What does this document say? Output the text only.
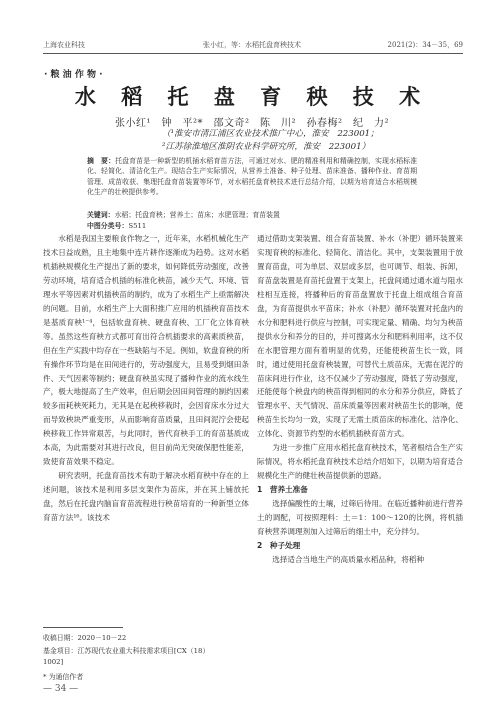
上海农业科技	张小红，等：水稻托盘育秧技术	2021(2)：34－35，69
· 粮 油 作 物 ·
水 稻 托 盘 育 秧 技 术
张小红¹　钟　平²*　邵文奇²　陈　川²　孙春梅²　纪　力²
（¹淮安市清江浦区农业技术推广中心，淮安　223001；
²江苏徐淮地区淮阴农业科学研究所，淮安　223001）
摘　要：托盘育苗是一种新型的机插水稻育苗方法，可通过对水、肥的精准利用和精确控制，实现水稻标准化、轻简化、清洁化生产。现结合生产实际情况，从营养土准备、种子处理、苗床准备、播种作业、育苗期管理、成苗收获、集理托盘育苗装置等环节，对水稻托盘育秧技术进行总结介绍，以期为培育适合水稻规模化生产的壮秧提供参考。
关键词：水稻；托盘育秧；营养土；苗床；水肥管理；育苗装置
中图分类号：S511

水稻是我国主要粮食作物之一，近年来，水稻机械化生产技术日益成熟，且主地集中连片耕作逐渐成为趋势。这对水稻机插秧规模化生产提出了新的要求，如何降低劳动强度，改善劳动环境，培育适合机插的标准化秧苗，减少天气、环境、管理水平等因素对机插秧苗的制约，成为了水稻生产上亟需解决的问题。目前，水稻生产上大面积推广应用的机插秧育苗技术是基质育秧¹⁻⁴，包括软盘育秧、硬盘育秧、工厂化立体育秧等。虽然这些育秧方式都可育出符合机插要求的高素质秧苗，但在生产实践中均存在一些缺陷与不足。例如，软盘育秧的所有操作环节均是在田间进行的，劳动强度大，且易受到烟田条件、天气因素等制约；硬盘育秧虽实现了播种作业的流水线生产，极大地提高了生产效率，但后期会因田间管理的制约因素较多而耗秧死耗力，无其是在起秧移栽时，会因育床水分过大而导致秧块严重变形，从而影响育苗质量，且田间泥泞会使起秧移栽工作异常艰苦，与此同时，皆代育秧手工的育苗基质成本高，为此需要对其进行改良，但目前尚无突破保肥性能差，致使育苗效果不稳定。

研究表明，托盘育苗技术有助于解决水稻育秧中存在的上述问题，该技术是利用多层支架作为苗床，并在其上铺放托盘，然后在托盘内脑盲育苗流程进行秧苗培育的一种新型立体育苗方法¹⁶。该技术

通过借助支架装置、组合育苗装置、补水（补肥）循环装置来实现育秧的标准化、轻简化、清洁化。其中，支架装置用于放置育苗盘，可为单层、双层或多层，也可调节、组装、拆卸，育苗盘装置是育苗托盘置于支架上，托盘间通过通水道与阻水柱相互连接，将播种后的育苗盘置放于托盘上组成组合育苗盘，为育苗提供水平苗床；补水（补肥）循环装置对托盘内的水分和肥料进行供应与控制，可实现定量、精确、均匀为秧苗提供水分和养分的目的，并可搜离水分和肥料利用率，这不仅在水肥管理方面有着明显的优势，还能使秧苗生长一致，同时，通过使用托盘育秧装置，可替代土质苗床，无需在泥泞的苗床间进行作业，这不仅减少了劳动强度，降低了劳动强度，还能使每个秧盘内的秧苗得到相同的水分和养分供应，降低了管理水平、天气情况、苗床质量等因素对秧苗生长的影响，使秧苗生长均匀一致，实现了无需土质苗床的标准化、洁净化、立体化、资源节约型的水稻机插秧育苗方式。

为进一步推广应用水稻托盘育秧技术，笔者根结合生产实际情况，将水稻托盘育秧技术总结介绍如下，以期为培育适合规模化生产的健壮秧苗提供新的思路。

1　营养土准备

选择偏酸性的土壤，过筛后待用。在临近播种前进行营养土的调配，可按照理料：土＝1：100～120的比例，将机插育秧营养调理剂加入过筛后的细土中，充分拌匀。

2　种子处理

选择适合当地生产的高质量水稻品种，将稻种

收稿日期：2020－10－22
基金项目：江苏现代农业重大科技需求项目[CX（18）
1002]
* 为通信作者
— 34 —
